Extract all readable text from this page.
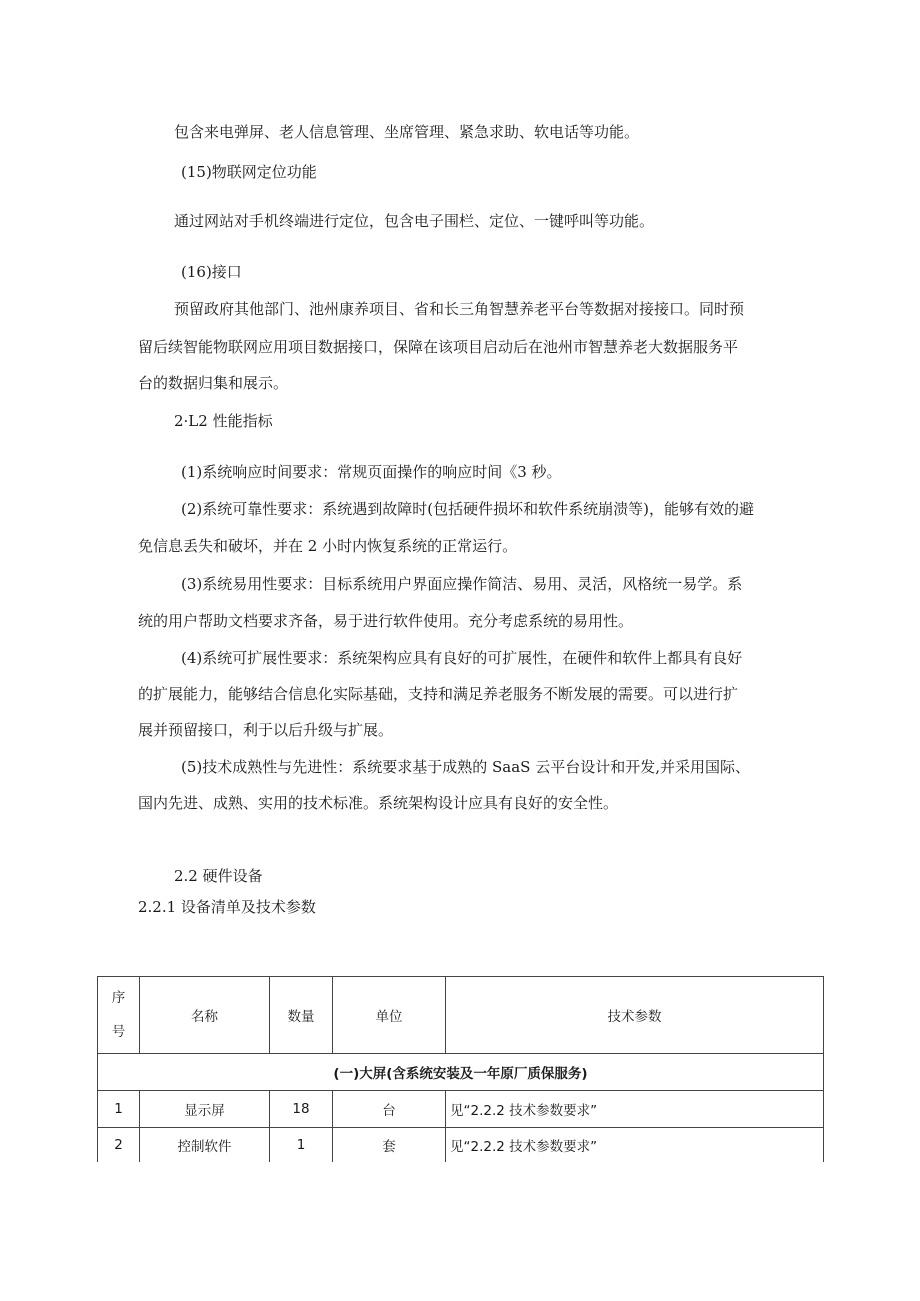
包含来电弹屏、老人信息管理、坐席管理、紧急求助、软电话等功能。
(15)物联网定位功能
通过网站对手机终端进行定位，包含电子围栏、定位、一键呼叫等功能。
(16)接口
预留政府其他部门、池州康养项目、省和长三角智慧养老平台等数据对接接口。同时预
留后续智能物联网应用项目数据接口，保障在该项目启动后在池州市智慧养老大数据服务平
台的数据归集和展示。
2·L2 性能指标
(1)系统响应时间要求：常规页面操作的响应时间《3 秒。
(2)系统可靠性要求：系统遇到故障时(包括硬件损坏和软件系统崩溃等)，能够有效的避
免信息丢失和破坏，并在 2 小时内恢复系统的正常运行。
(3)系统易用性要求：目标系统用户界面应操作简洁、易用、灵活，风格统一易学。系
统的用户帮助文档要求齐备，易于进行软件使用。充分考虑系统的易用性。
(4)系统可扩展性要求：系统架构应具有良好的可扩展性，在硬件和软件上都具有良好
的扩展能力，能够结合信息化实际基础，支持和满足养老服务不断发展的需要。可以进行扩
展并预留接口，利于以后升级与扩展。
(5)技术成熟性与先进性：系统要求基于成熟的 SaaS 云平台设计和开发,并采用国际、
国内先进、成熟、实用的技术标准。系统架构设计应具有良好的安全性。
2.2 硬件设备
2.2.1 设备清单及技术参数
序
号	名称	数量	单位	技术参数
(一)大屏(含系统安装及一年原厂质保服务)				
1	显示屏	18	台	见“2.2.2 技术参数要求”
2	控制软件	1	套	见“2.2.2 技术参数要求”
